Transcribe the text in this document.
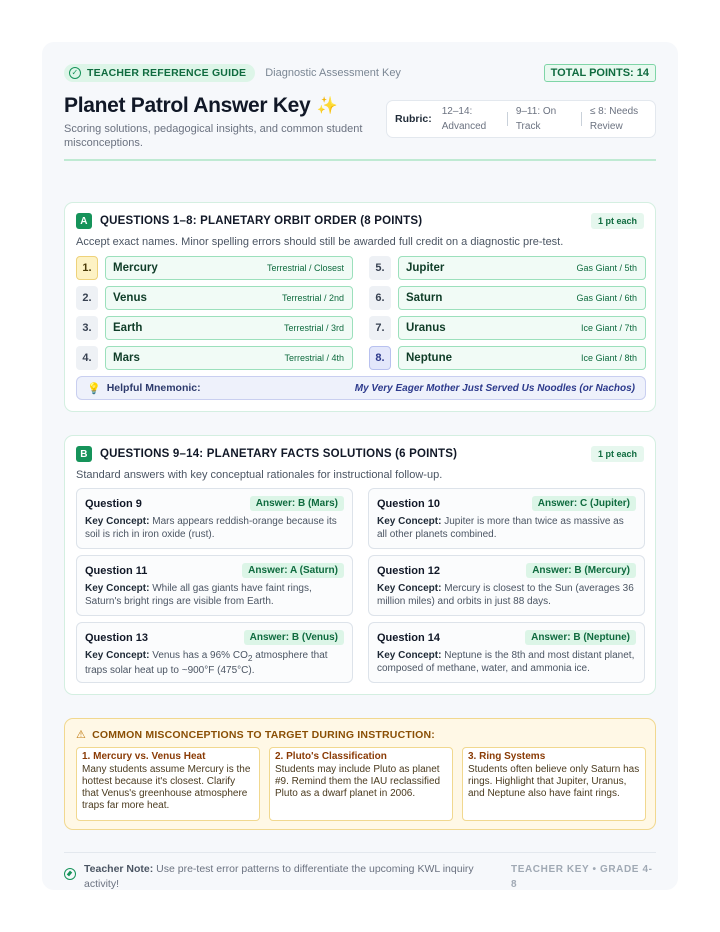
✓ TEACHER REFERENCE GUIDE Diagnostic Assessment Key	TOTAL POINTS: 14
Planet Patrol Answer Key ✨
Scoring solutions, pedagogical insights, and common student misconceptions.
Rubric:
12–14: Advanced
9–11: On Track
≤ 8: Needs Review
A	QUESTIONS 1–8: PLANETARY ORBIT ORDER (8 POINTS)	1 pt each
Accept exact names. Minor spelling errors should still be awarded full credit on a diagnostic pre-test.
1.	Mercury	Terrestrial / Closest	5.	Jupiter	Gas Giant / 5th
2.	Venus	Terrestrial / 2nd	6.	Saturn	Gas Giant / 6th
3.	Earth	Terrestrial / 3rd	7.	Uranus	Ice Giant / 7th
4.	Mars	Terrestrial / 4th	8.	Neptune	Ice Giant / 8th
💡 Helpful Mnemonic:	My Very Eager Mother Just Served Us Noodles (or Nachos)
B	QUESTIONS 9–14: PLANETARY FACTS SOLUTIONS (6 POINTS)	1 pt each
Standard answers with key conceptual rationales for instructional follow-up.
Question 9	Answer: B (Mars)
Key Concept: Mars appears reddish-orange because its soil is rich in iron oxide (rust).
Question 10	Answer: C (Jupiter)
Key Concept: Jupiter is more than twice as massive as all other planets combined.
Question 11	Answer: A (Saturn)
Key Concept: While all gas giants have faint rings, Saturn's bright rings are visible from Earth.
Question 12	Answer: B (Mercury)
Key Concept: Mercury is closest to the Sun (averages 36 million miles) and orbits in just 88 days.
Question 13	Answer: B (Venus)
Key Concept: Venus has a 96% $CO_2$ atmosphere that traps solar heat up to ~900°F (475°C).
Question 14	Answer: B (Neptune)
Key Concept: Neptune is the 8th and most distant planet, composed of methane, water, and ammonia ice.
⚠ COMMON MISCONCEPTIONS TO TARGET DURING INSTRUCTION:
1. Mercury vs. Venus Heat
Many students assume Mercury is the hottest because it's closest. Clarify that Venus's greenhouse atmosphere traps far more heat.
2. Pluto's Classification
Students may include Pluto as planet #9. Remind them the IAU reclassified Pluto as a dwarf planet in 2006.
3. Ring Systems
Students often believe only Saturn has rings. Highlight that Jupiter, Uranus, and Neptune also have faint rings.
Teacher Note: Use pre-test error patterns to differentiate the upcoming KWL inquiry activity!
TEACHER KEY • GRADE 4-8
